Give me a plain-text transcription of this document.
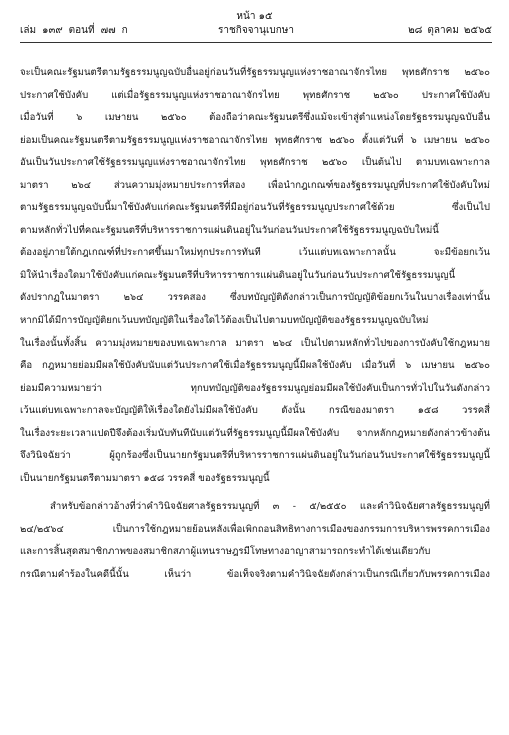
หน้า ๑๕
เล่ม ๑๓๙ ตอนที่ ๗๗ ก	ราชกิจจานุเบกษา	๒๘ ตุลาคม ๒๕๖๕
จะเป็นคณะรัฐมนตรีตามรัฐธรรมนูญฉบับอื่นอยู่ก่อนวันที่รัฐธรรมนูญแห่งราชอาณาจักรไทย พุทธศักราช ๒๕๖๐
ประกาศใช้บังคับ แต่เมื่อรัฐธรรมนูญแห่งราชอาณาจักรไทย พุทธศักราช ๒๕๖๐ ประกาศใช้บังคับ
เมื่อวันที่ ๖ เมษายน ๒๕๖๐ ต้องถือว่าคณะรัฐมนตรีซึ่งแม้จะเข้าสู่ตำแหน่งโดยรัฐธรรมนูญฉบับอื่น
ย่อมเป็นคณะรัฐมนตรีตามรัฐธรรมนูญแห่งราชอาณาจักรไทย พุทธศักราช ๒๕๖๐ ตั้งแต่วันที่ ๖ เมษายน ๒๕๖๐
อันเป็นวันประกาศใช้รัฐธรรมนูญแห่งราชอาณาจักรไทย พุทธศักราช ๒๕๖๐ เป็นต้นไป ตามบทเฉพาะกาล
มาตรา ๒๖๔ ส่วนความมุ่งหมายประการที่สอง เพื่อนำกฎเกณฑ์ของรัฐธรรมนูญที่ประกาศใช้บังคับใหม่
ตามรัฐธรรมนูญฉบับนี้มาใช้บังคับแก่คณะรัฐมนตรีที่มีอยู่ก่อนวันที่รัฐธรรมนูญประกาศใช้ด้วย ซึ่งเป็นไป
ตามหลักทั่วไปที่คณะรัฐมนตรีที่บริหารราชการแผ่นดินอยู่ในวันก่อนวันประกาศใช้รัฐธรรมนูญฉบับใหม่นี้
ต้องอยู่ภายใต้กฎเกณฑ์ที่ประกาศขึ้นมาใหม่ทุกประการทันที เว้นแต่บทเฉพาะกาลนั้น จะมีข้อยกเว้น
มิให้นำเรื่องใดมาใช้บังคับแก่คณะรัฐมนตรีที่บริหารราชการแผ่นดินอยู่ในวันก่อนวันประกาศใช้รัฐธรรมนูญนี้
ดังปรากฏในมาตรา ๒๖๔ วรรคสอง ซึ่งบทบัญญัติดังกล่าวเป็นการบัญญัติข้อยกเว้นในบางเรื่องเท่านั้น
หากมิได้มีการบัญญัติยกเว้นบทบัญญัติในเรื่องใดไว้ต้องเป็นไปตามบทบัญญัติของรัฐธรรมนูญฉบับใหม่
ในเรื่องนั้นทั้งสิ้น ความมุ่งหมายของบทเฉพาะกาล มาตรา ๒๖๔ เป็นไปตามหลักทั่วไปของการบังคับใช้กฎหมาย
คือ กฎหมายย่อมมีผลใช้บังคับนับแต่วันประกาศใช้เมื่อรัฐธรรมนูญนี้มีผลใช้บังคับ เมื่อวันที่ ๖ เมษายน ๒๕๖๐
ย่อมมีความหมายว่า ทุกบทบัญญัติของรัฐธรรมนูญย่อมมีผลใช้บังคับเป็นการทั่วไปในวันดังกล่าว
เว้นแต่บทเฉพาะกาลจะบัญญัติให้เรื่องใดยังไม่มีผลใช้บังคับ ดังนั้น กรณีของมาตรา ๑๕๘ วรรคสี่
ในเรื่องระยะเวลาแปดปีจึงต้องเริ่มนับทันทีนับแต่วันที่รัฐธรรมนูญนี้มีผลใช้บังคับ จากหลักกฎหมายดังกล่าวข้างต้น
จึงวินิจฉัยว่า ผู้ถูกร้องซึ่งเป็นนายกรัฐมนตรีที่บริหารราชการแผ่นดินอยู่ในวันก่อนวันประกาศใช้รัฐธรรมนูญนี้
เป็นนายกรัฐมนตรีตามมาตรา ๑๕๘ วรรคสี่ ของรัฐธรรมนูญนี้
สำหรับข้อกล่าวอ้างที่ว่าคำวินิจฉัยศาลรัฐธรรมนูญที่ ๓ - ๕/๒๕๕๐ และคำวินิจฉัยศาลรัฐธรรมนูญที่
๒๔/๒๕๖๔ เป็นการใช้กฎหมายย้อนหลังเพื่อเพิกถอนสิทธิทางการเมืองของกรรมการบริหารพรรคการเมือง
และการสิ้นสุดสมาชิกภาพของสมาชิกสภาผู้แทนราษฎรมีโทษทางอาญาสามารถกระทำได้เช่นเดียวกับ
กรณีตามคำร้องในคดีนี้นั้น เห็นว่า ข้อเท็จจริงตามคำวินิจฉัยดังกล่าวเป็นกรณีเกี่ยวกับพรรคการเมือง
